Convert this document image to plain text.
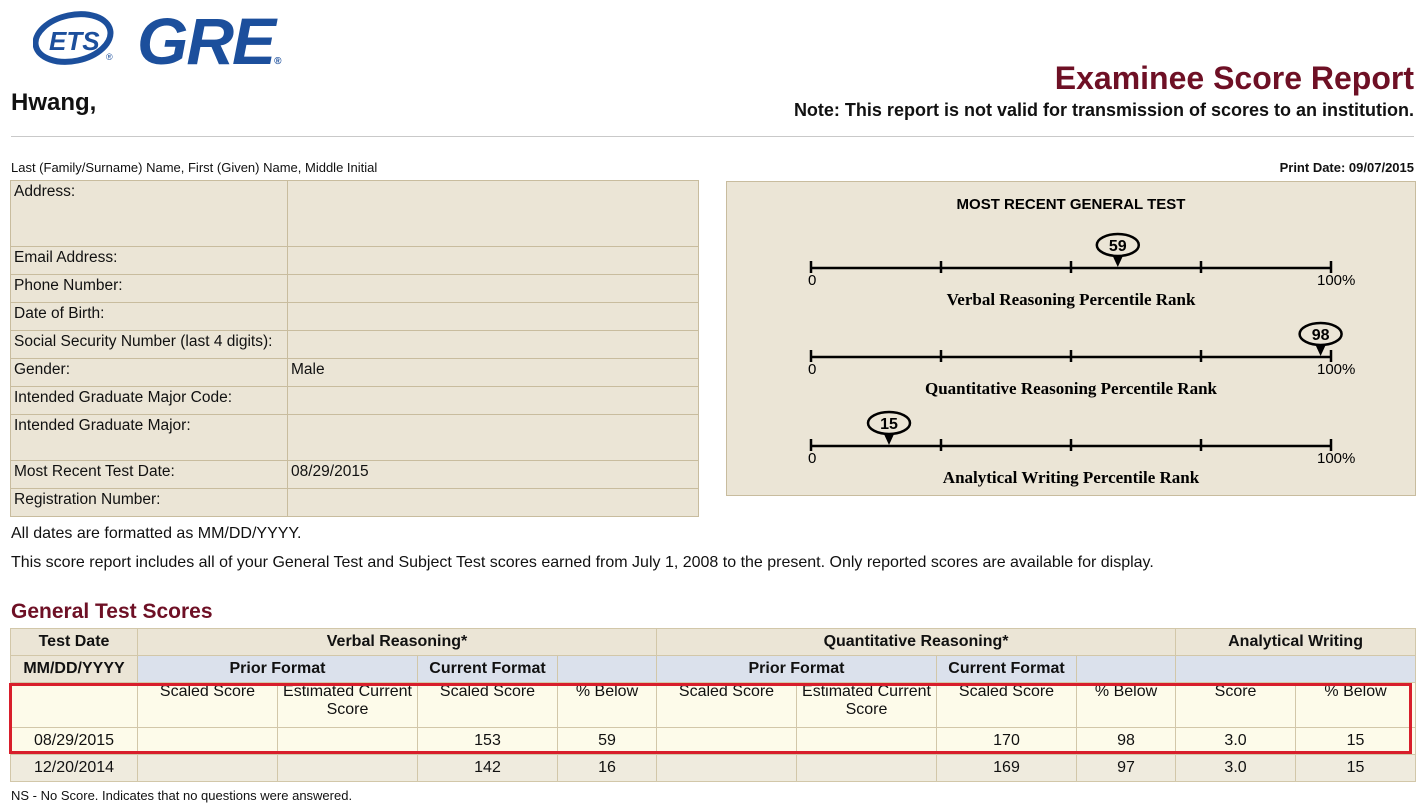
ETS
® GRE ®
Hwang,
Examinee Score Report
Note: This report is not valid for transmission of scores to an institution.
Last (Family/Surname) Name, First (Given) Name, Middle Initial	Print Date: 09/07/2015
Address:	
Email Address:	
Phone Number:	
Date of Birth:	
Social Security Number (last 4 digits):	
Gender:	Male
Intended Graduate Major Code:	
Intended Graduate Major:	
Most Recent Test Date:	08/29/2015
Registration Number:	
MOST RECENT GENERAL TEST
0	100%
Verbal Reasoning Percentile Rank
59
0	100%
Quantitative Reasoning Percentile Rank
98
0	100%
Analytical Writing Percentile Rank
15
All dates are formatted as MM/DD/YYYY.
This score report includes all of your General Test and Subject Test scores earned from July 1, 2008 to the present. Only reported scores are available for display.
General Test Scores
Test Date	Verbal Reasoning*				Quantitative Reasoning*				Analytical Writing	
MM/DD/YYYY	Prior Format		Current Format		Prior Format		Current Format			
	Scaled Score	Estimated Current Score	Scaled Score	% Below	Scaled Score	Estimated Current Score	Scaled Score	% Below	Score	% Below
08/29/2015			153	59			170	98	3.0	15
12/20/2014			142	16			169	97	3.0	15
NS - No Score. Indicates that no questions were answered.
